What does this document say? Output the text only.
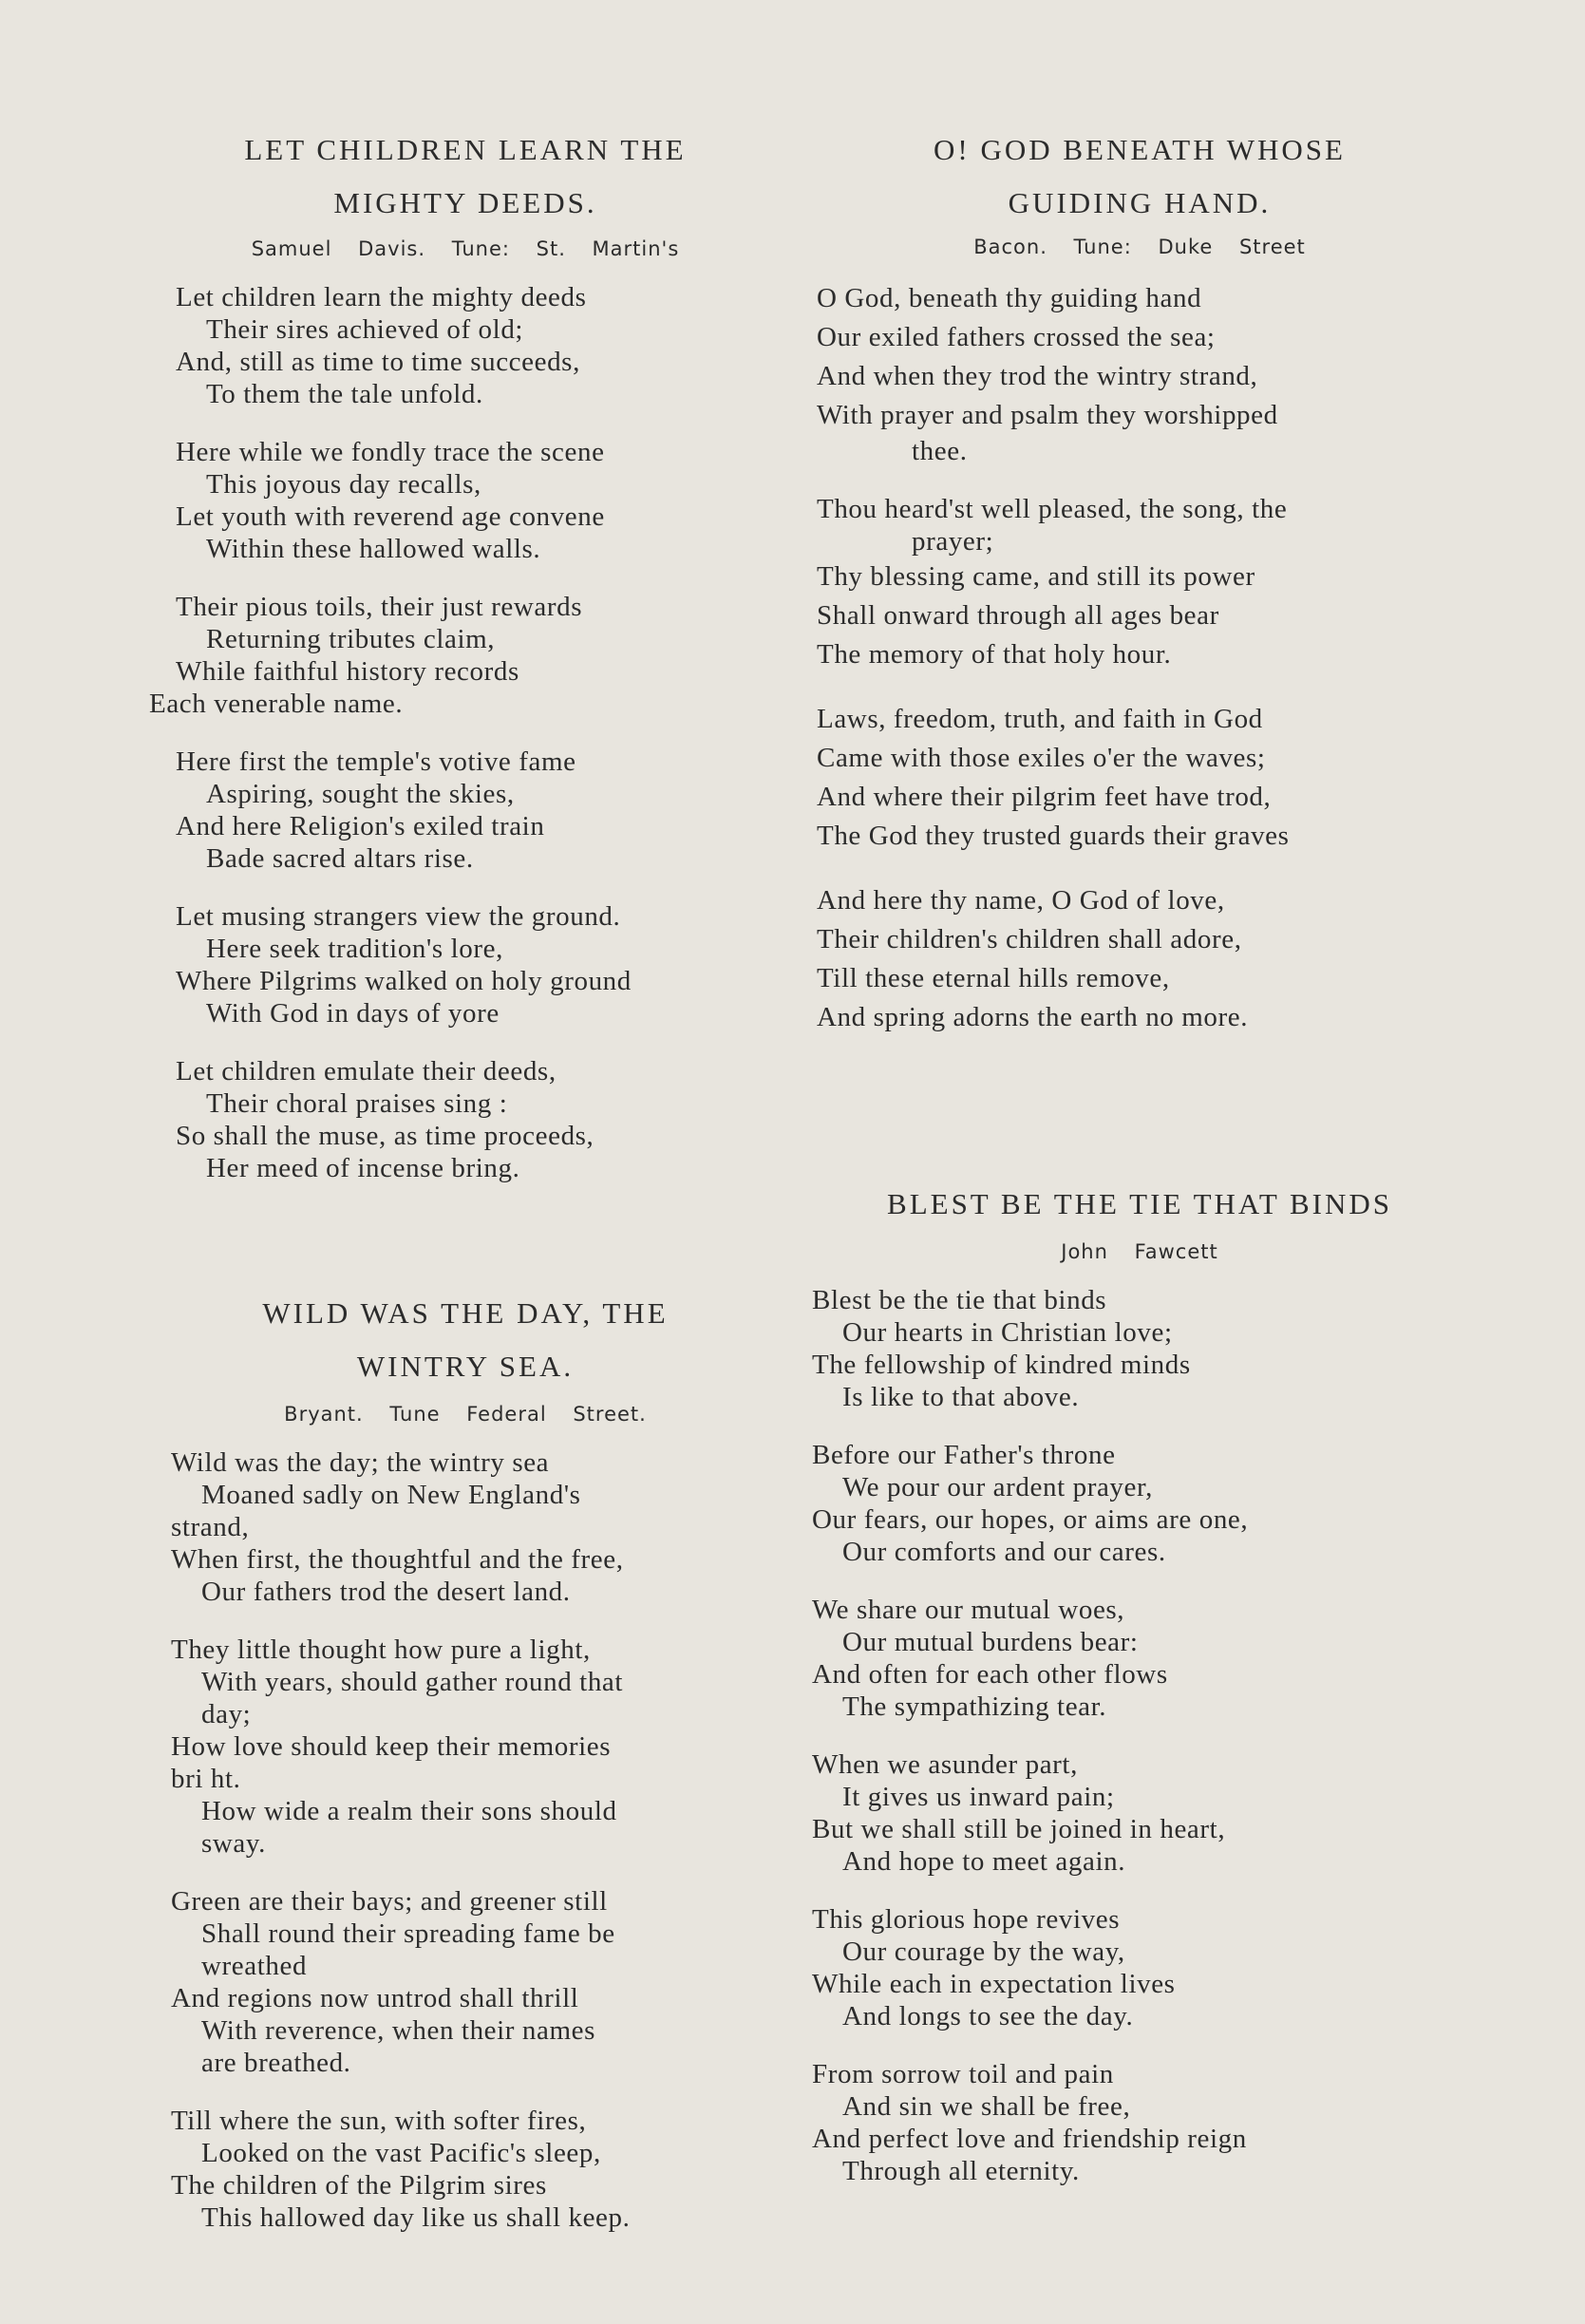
LET CHILDREN LEARN THE
MIGHTY DEEDS.
Samuel Davis. Tune: St. Martin's
Let children learn the mighty deeds
Their sires achieved of old;
And, still as time to time succeeds,
To them the tale unfold.
Here while we fondly trace the scene
This joyous day recalls,
Let youth with reverend age convene
Within these hallowed walls.
Their pious toils, their just rewards
Returning tributes claim,
While faithful history records
Each venerable name.
Here first the temple's votive fame
Aspiring, sought the skies,
And here Religion's exiled train
Bade sacred altars rise.
Let musing strangers view the ground.
Here seek tradition's lore,
Where Pilgrims walked on holy ground
With God in days of yore
Let children emulate their deeds,
Their choral praises sing :
So shall the muse, as time proceeds,
Her meed of incense bring.
WILD WAS THE DAY, THE
WINTRY SEA.
Bryant. Tune Federal Street.
Wild was the day; the wintry sea
Moaned sadly on New England's
strand,
When first, the thoughtful and the free,
Our fathers trod the desert land.
They little thought how pure a light,
With years, should gather round that
day;
How love should keep their memories
bri ht.
How wide a realm their sons should
sway.
Green are their bays; and greener still
Shall round their spreading fame be
wreathed
And regions now untrod shall thrill
With reverence, when their names
are breathed.
Till where the sun, with softer fires,
Looked on the vast Pacific's sleep,
The children of the Pilgrim sires
This hallowed day like us shall keep.
O! GOD BENEATH WHOSE
GUIDING HAND.
Bacon. Tune: Duke Street
O God, beneath thy guiding hand
Our exiled fathers crossed the sea;
And when they trod the wintry strand,
With prayer and psalm they worshipped
thee.
Thou heard'st well pleased, the song, the
prayer;
Thy blessing came, and still its power
Shall onward through all ages bear
The memory of that holy hour.
Laws, freedom, truth, and faith in God
Came with those exiles o'er the waves;
And where their pilgrim feet have trod,
The God they trusted guards their graves
And here thy name, O God of love,
Their children's children shall adore,
Till these eternal hills remove,
And spring adorns the earth no more.
BLEST BE THE TIE THAT BINDS
John Fawcett
Blest be the tie that binds
Our hearts in Christian love;
The fellowship of kindred minds
Is like to that above.
Before our Father's throne
We pour our ardent prayer,
Our fears, our hopes, or aims are one,
Our comforts and our cares.
We share our mutual woes,
Our mutual burdens bear:
And often for each other flows
The sympathizing tear.
When we asunder part,
It gives us inward pain;
But we shall still be joined in heart,
And hope to meet again.
This glorious hope revives
Our courage by the way,
While each in expectation lives
And longs to see the day.
From sorrow toil and pain
And sin we shall be free,
And perfect love and friendship reign
Through all eternity.
